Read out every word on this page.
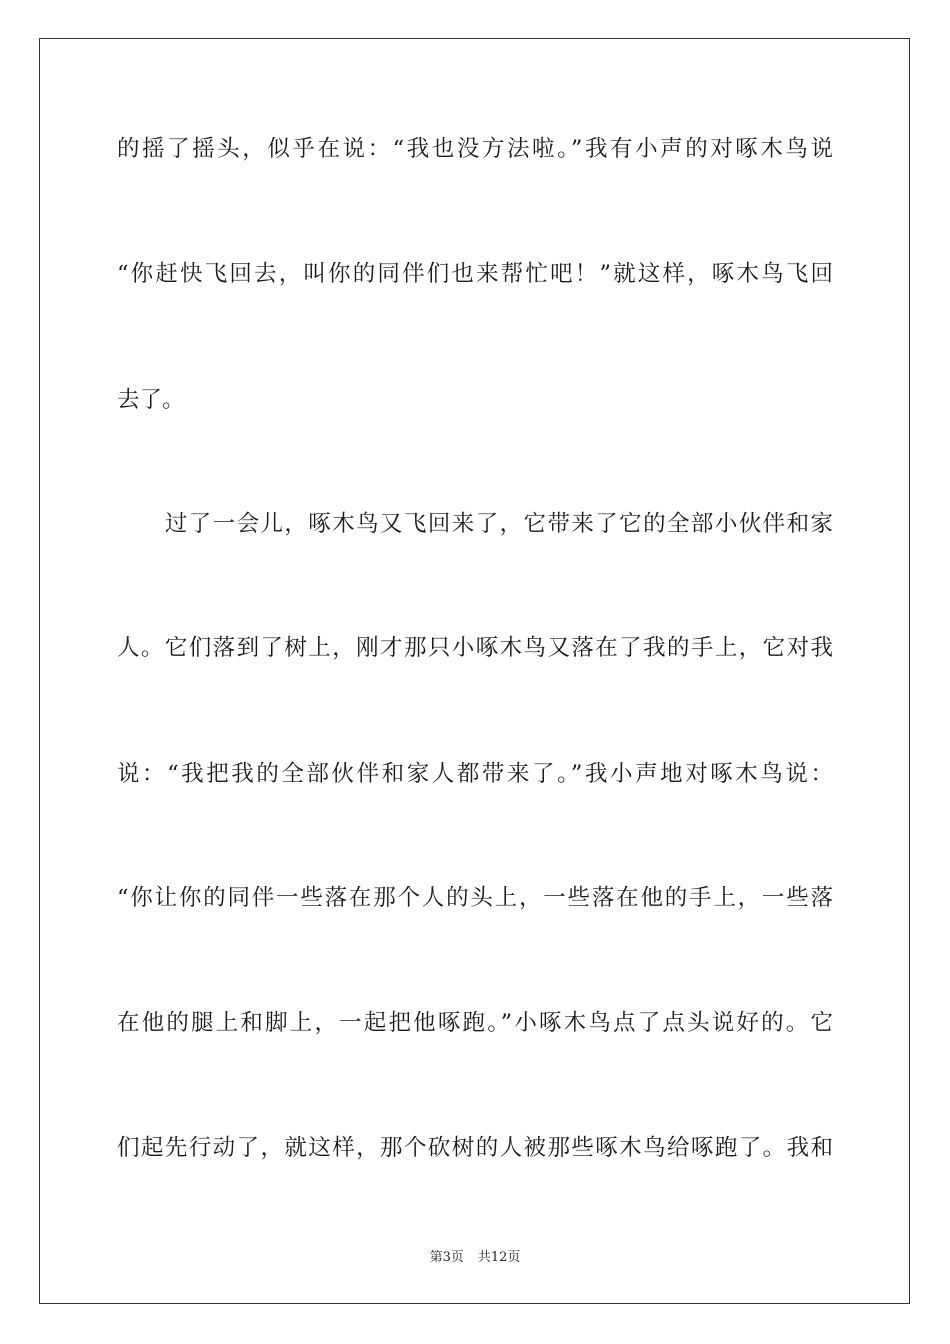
的摇了摇头，似乎在说：“我也没方法啦。”我有小声的对啄木鸟说
“你赶快飞回去，叫你的同伴们也来帮忙吧！”就这样，啄木鸟飞回
去了。
　　过了一会儿，啄木鸟又飞回来了，它带来了它的全部小伙伴和家
人。它们落到了树上，刚才那只小啄木鸟又落在了我的手上，它对我
说：“我把我的全部伙伴和家人都带来了。”我小声地对啄木鸟说：
“你让你的同伴一些落在那个人的头上，一些落在他的手上，一些落
在他的腿上和脚上，一起把他啄跑。”小啄木鸟点了点头说好的。它
们起先行动了，就这样，那个砍树的人被那些啄木鸟给啄跑了。我和
第3页 共12页
